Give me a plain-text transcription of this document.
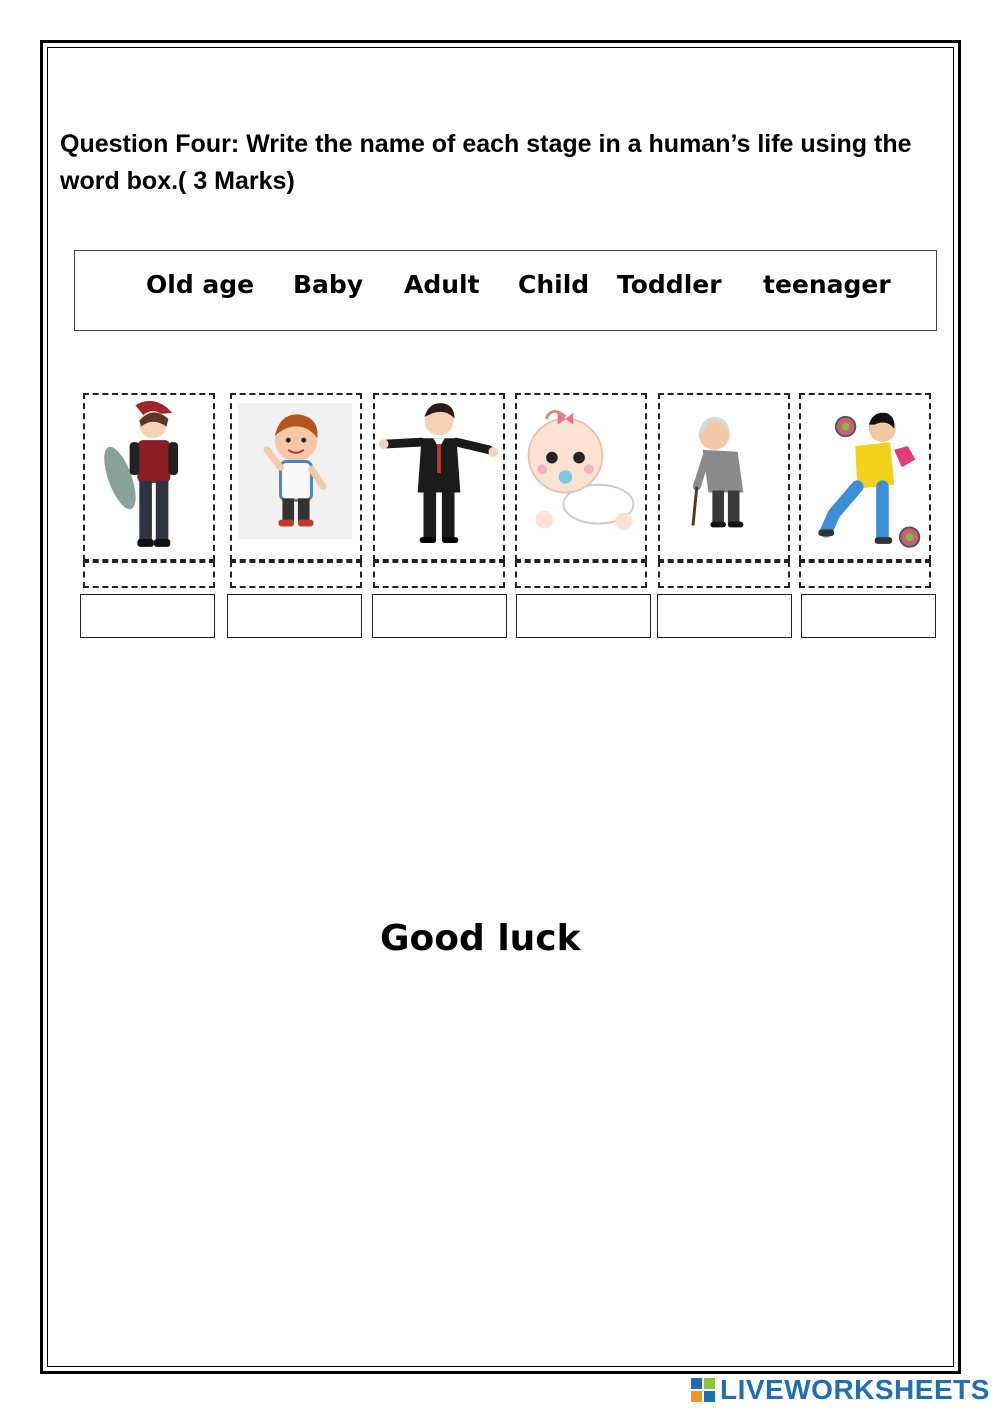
Question Four: Write the name of each stage in a human’s life using the word box.( 3 Marks)

Old age Baby Adult Child Toddler teenager
Good luck
LIVEWORKSHEETS
